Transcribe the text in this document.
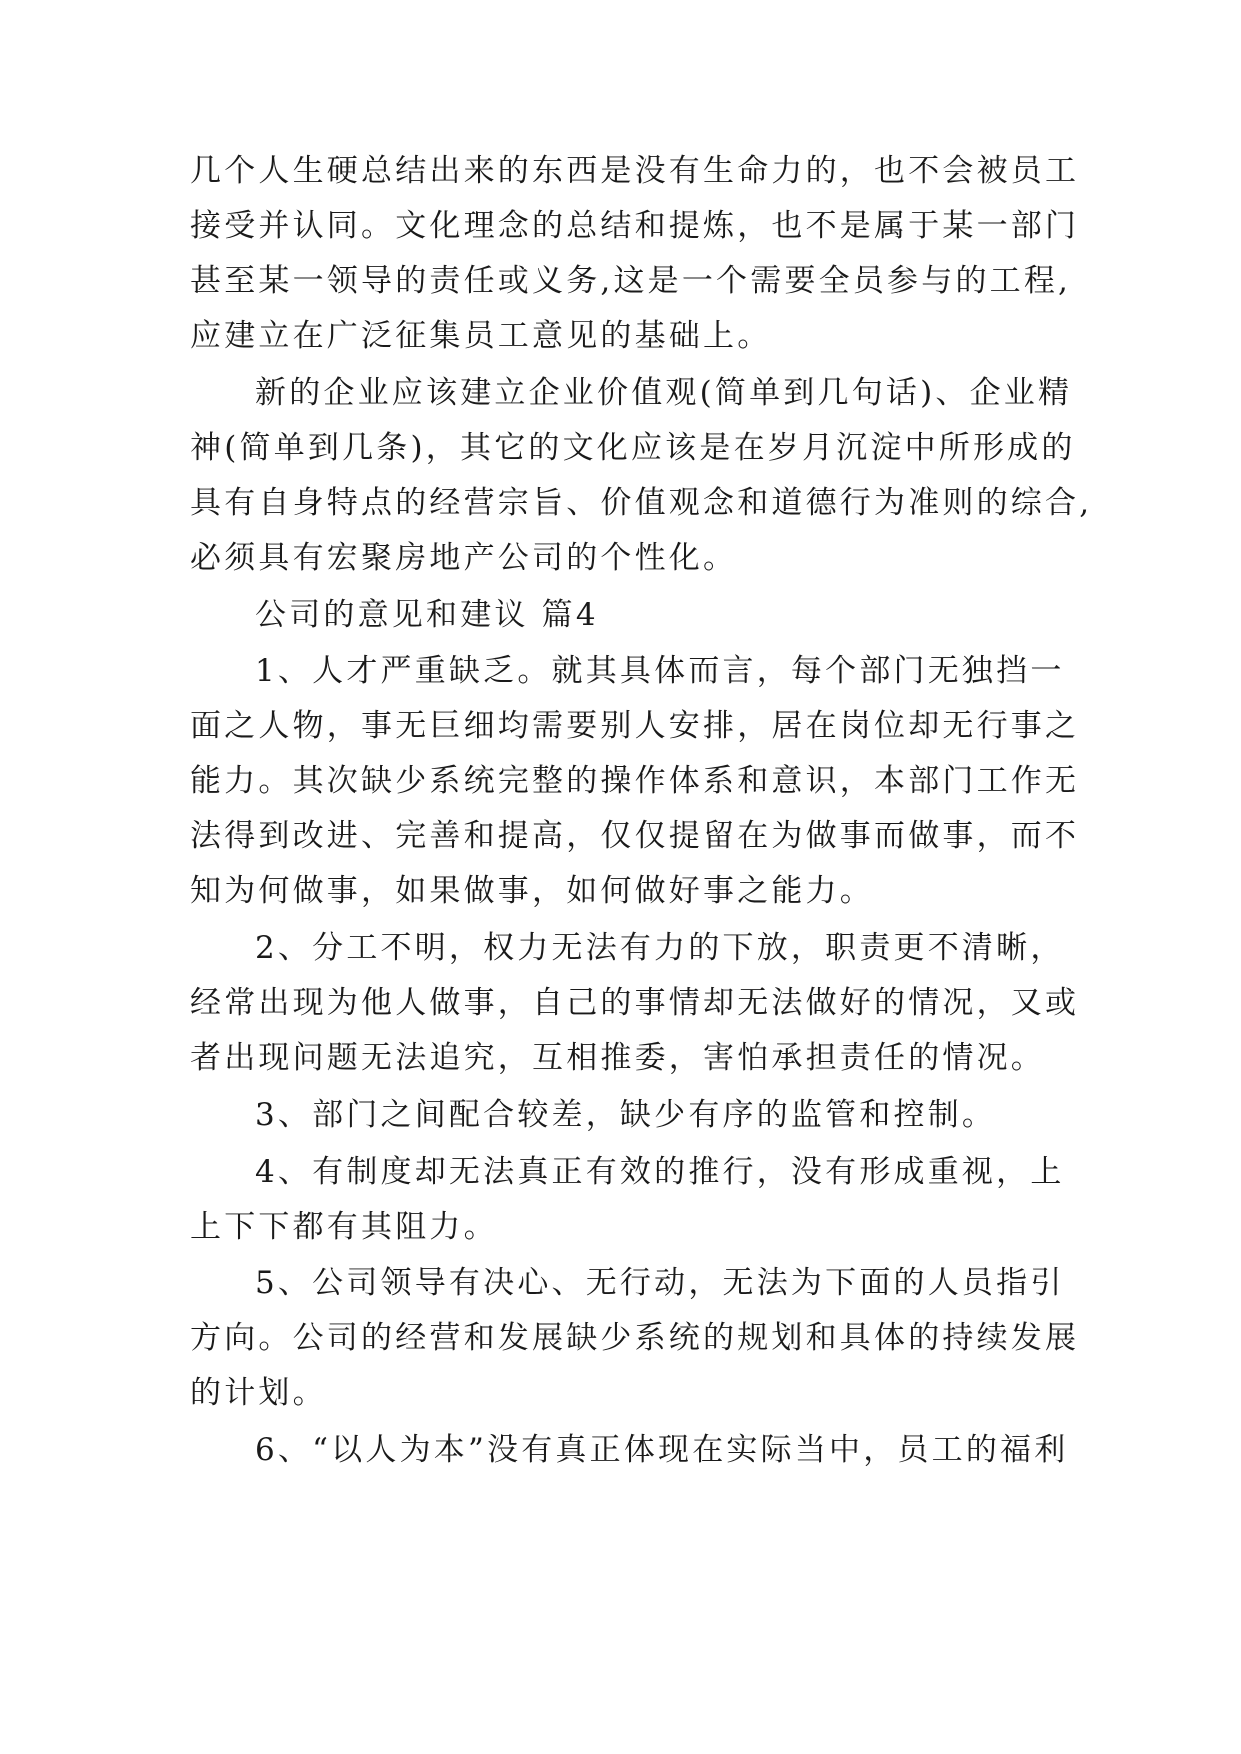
几个人生硬总结出来的东西是没有生命力的，也不会被员工
接受并认同。文化理念的总结和提炼，也不是属于某一部门
甚至某一领导的责任或义务,这是一个需要全员参与的工程,
应建立在广泛征集员工意见的基础上。
新的企业应该建立企业价值观(简单到几句话)、企业精
神(简单到几条)，其它的文化应该是在岁月沉淀中所形成的
具有自身特点的经营宗旨、价值观念和道德行为准则的综合,
必须具有宏聚房地产公司的个性化。
公司的意见和建议 篇4
1、人才严重缺乏。就其具体而言，每个部门无独挡一
面之人物，事无巨细均需要别人安排，居在岗位却无行事之
能力。其次缺少系统完整的操作体系和意识，本部门工作无
法得到改进、完善和提高，仅仅提留在为做事而做事，而不
知为何做事，如果做事，如何做好事之能力。
2、分工不明，权力无法有力的下放，职责更不清晰，
经常出现为他人做事，自己的事情却无法做好的情况，又或
者出现问题无法追究，互相推委，害怕承担责任的情况。
3、部门之间配合较差，缺少有序的监管和控制。
4、有制度却无法真正有效的推行，没有形成重视，上
上下下都有其阻力。
5、公司领导有决心、无行动，无法为下面的人员指引
方向。公司的经营和发展缺少系统的规划和具体的持续发展
的计划。
6、“以人为本”没有真正体现在实际当中，员工的福利
